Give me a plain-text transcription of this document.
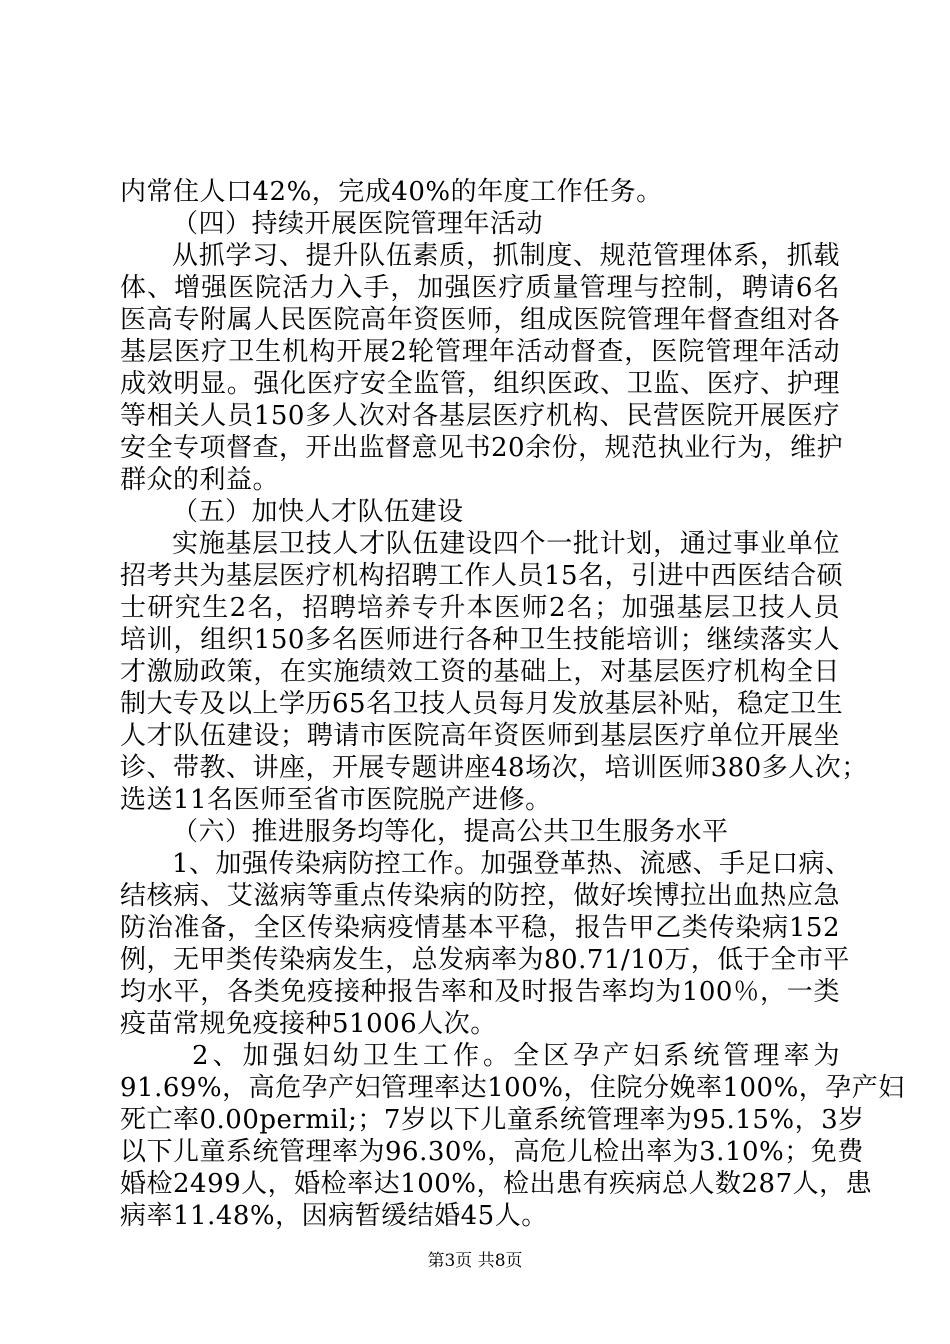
内常住人口42%，完成40%的年度工作任务。
（四）持续开展医院管理年活动
从抓学习、提升队伍素质，抓制度、规范管理体系，抓载
体、增强医院活力入手，加强医疗质量管理与控制，聘请6名
医高专附属人民医院高年资医师，组成医院管理年督查组对各
基层医疗卫生机构开展2轮管理年活动督查，医院管理年活动
成效明显。强化医疗安全监管，组织医政、卫监、医疗、护理
等相关人员150多人次对各基层医疗机构、民营医院开展医疗
安全专项督查，开出监督意见书20余份，规范执业行为，维护
群众的利益。
（五）加快人才队伍建设
实施基层卫技人才队伍建设四个一批计划，通过事业单位
招考共为基层医疗机构招聘工作人员15名，引进中西医结合硕
士研究生2名，招聘培养专升本医师2名；加强基层卫技人员
培训，组织150多名医师进行各种卫生技能培训；继续落实人
才激励政策，在实施绩效工资的基础上，对基层医疗机构全日
制大专及以上学历65名卫技人员每月发放基层补贴，稳定卫生
人才队伍建设；聘请市医院高年资医师到基层医疗单位开展坐
诊、带教、讲座，开展专题讲座48场次，培训医师380多人次；
选送11名医师至省市医院脱产进修。
（六）推进服务均等化，提高公共卫生服务水平
1、加强传染病防控工作。加强登革热、流感、手足口病、
结核病、艾滋病等重点传染病的防控，做好埃博拉出血热应急
防治准备，全区传染病疫情基本平稳，报告甲乙类传染病152
例，无甲类传染病发生，总发病率为80.71/10万，低于全市平
均水平，各类免疫接种报告率和及时报告率均为100％，一类
疫苗常规免疫接种51006人次。
2、加强妇幼卫生工作。全区孕产妇系统管理率为
91.69%，高危孕产妇管理率达100%，住院分娩率100%，孕产妇
死亡率0.00permil;；7岁以下儿童系统管理率为95.15%，3岁
以下儿童系统管理率为96.30%，高危儿检出率为3.10%；免费
婚检2499人，婚检率达100%，检出患有疾病总人数287人，患
病率11.48%，因病暂缓结婚45人。
第3页 共8页
